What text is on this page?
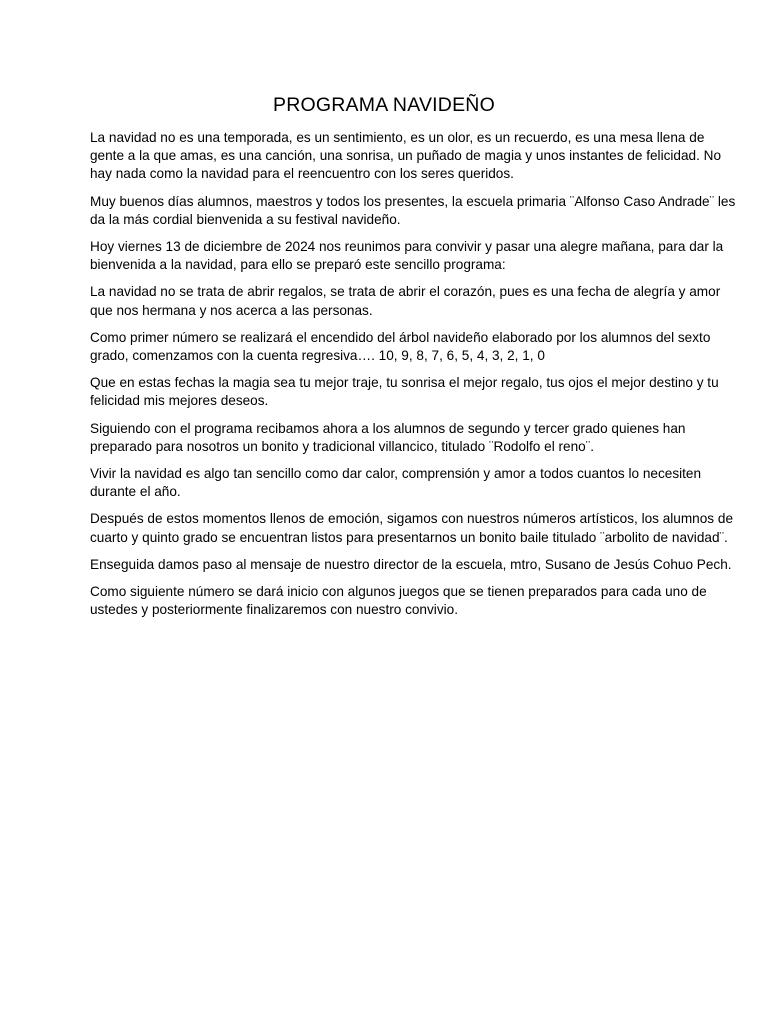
PROGRAMA NAVIDEÑO

La navidad no es una temporada, es un sentimiento, es un olor, es un recuerdo, es una mesa llena de gente a la que amas, es una canción, una sonrisa, un puñado de magia y unos instantes de felicidad. No hay nada como la navidad para el reencuentro con los seres queridos.

Muy buenos días alumnos, maestros y todos los presentes, la escuela primaria ¨Alfonso Caso Andrade¨ les da la más cordial bienvenida a su festival navideño.

Hoy viernes 13 de diciembre de 2024 nos reunimos para convivir y pasar una alegre mañana, para dar la bienvenida a la navidad, para ello se preparó este sencillo programa:

La navidad no se trata de abrir regalos, se trata de abrir el corazón, pues es una fecha de alegría y amor que nos hermana y nos acerca a las personas.

Como primer número se realizará el encendido del árbol navideño elaborado por los alumnos del sexto grado, comenzamos con la cuenta regresiva…. 10, 9, 8, 7, 6, 5, 4, 3, 2, 1, 0

Que en estas fechas la magia sea tu mejor traje, tu sonrisa el mejor regalo, tus ojos el mejor destino y tu felicidad mis mejores deseos.

Siguiendo con el programa recibamos ahora a los alumnos de segundo y tercer grado quienes han preparado para nosotros un bonito y tradicional villancico, titulado ¨Rodolfo el reno¨.

Vivir la navidad es algo tan sencillo como dar calor, comprensión y amor a todos cuantos lo necesiten durante el año.

Después de estos momentos llenos de emoción, sigamos con nuestros números artísticos, los alumnos de cuarto y quinto grado se encuentran listos para presentarnos un bonito baile titulado ¨arbolito de navidad¨.

Enseguida damos paso al mensaje de nuestro director de la escuela, mtro, Susano de Jesús Cohuo Pech.

Como siguiente número se dará inicio con algunos juegos que se tienen preparados para cada uno de ustedes y posteriormente finalizaremos con nuestro convivio.
